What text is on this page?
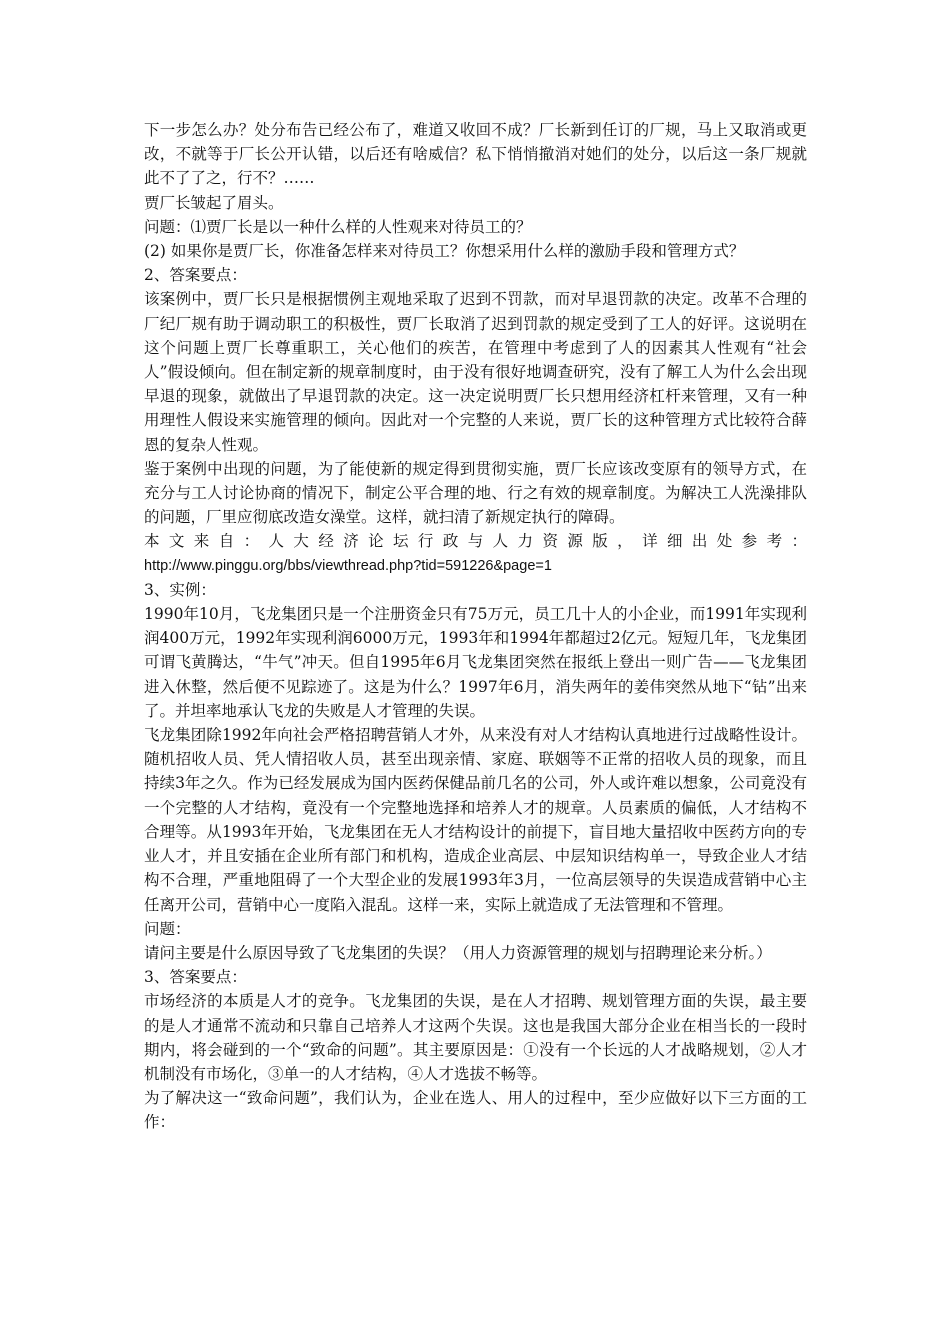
下一步怎么办？处分布告已经公布了，难道又收回不成？厂长新到任订的厂规，马上又取消或更改，不就等于厂长公开认错，以后还有啥威信？私下悄悄撤消对她们的处分，以后这一条厂规就此不了了之，行不？……

贾厂长皱起了眉头。

问题：⑴贾厂长是以一种什么样的人性观来对待员工的？

(2) 如果你是贾厂长，你准备怎样来对待员工？你想采用什么样的激励手段和管理方式？

2、答案要点：

该案例中，贾厂长只是根据惯例主观地采取了迟到不罚款，而对早退罚款的决定。改革不合理的厂纪厂规有助于调动职工的积极性，贾厂长取消了迟到罚款的规定受到了工人的好评。这说明在这个问题上贾厂长尊重职工，关心他们的疾苦，在管理中考虑到了人的因素其人性观有“社会人”假设倾向。但在制定新的规章制度时，由于没有很好地调查研究，没有了解工人为什么会出现早退的现象，就做出了早退罚款的决定。这一决定说明贾厂长只想用经济杠杆来管理，又有一种用理性人假设来实施管理的倾向。因此对一个完整的人来说，贾厂长的这种管理方式比较符合薛恩的复杂人性观。

鉴于案例中出现的问题，为了能使新的规定得到贯彻实施，贾厂长应该改变原有的领导方式，在充分与工人讨论协商的情况下，制定公平合理的地、行之有效的规章制度。为解决工人洗澡排队的问题，厂里应彻底改造女澡堂。这样，就扫清了新规定执行的障碍。

本文来自：人大经济论坛行政与人力资源版，详细出处参考：

http://www.pinggu.org/bbs/viewthread.php?tid=591226&page=1

3、实例：

1990年10月，飞龙集团只是一个注册资金只有75万元，员工几十人的小企业，而1991年实现利润400万元，1992年实现利润6000万元，1993年和1994年都超过2亿元。短短几年，飞龙集团可谓飞黄腾达，“牛气”冲天。但自1995年6月飞龙集团突然在报纸上登出一则广告——飞龙集团进入休整，然后便不见踪迹了。这是为什么？1997年6月，消失两年的姜伟突然从地下“钻”出来了。并坦率地承认飞龙的失败是人才管理的失误。

飞龙集团除1992年向社会严格招聘营销人才外，从来没有对人才结构认真地进行过战略性设计。随机招收人员、凭人情招收人员，甚至出现亲情、家庭、联姻等不正常的招收人员的现象，而且持续3年之久。作为已经发展成为国内医药保健品前几名的公司，外人或许难以想象，公司竟没有一个完整的人才结构，竟没有一个完整地选择和培养人才的规章。人员素质的偏低，人才结构不合理等。从1993年开始，飞龙集团在无人才结构设计的前提下，盲目地大量招收中医药方向的专业人才，并且安插在企业所有部门和机构，造成企业高层、中层知识结构单一，导致企业人才结构不合理，严重地阻碍了一个大型企业的发展1993年3月，一位高层领导的失误造成营销中心主任离开公司，营销中心一度陷入混乱。这样一来，实际上就造成了无法管理和不管理。

问题：

请问主要是什么原因导致了飞龙集团的失误？（用人力资源管理的规划与招聘理论来分析。）

3、答案要点：

市场经济的本质是人才的竞争。飞龙集团的失误，是在人才招聘、规划管理方面的失误，最主要的是人才通常不流动和只靠自己培养人才这两个失误。这也是我国大部分企业在相当长的一段时期内，将会碰到的一个“致命的问题”。其主要原因是：①没有一个长远的人才战略规划，②人才机制没有市场化，③单一的人才结构，④人才选拔不畅等。

为了解决这一“致命问题”，我们认为，企业在选人、用人的过程中，至少应做好以下三方面的工作：
